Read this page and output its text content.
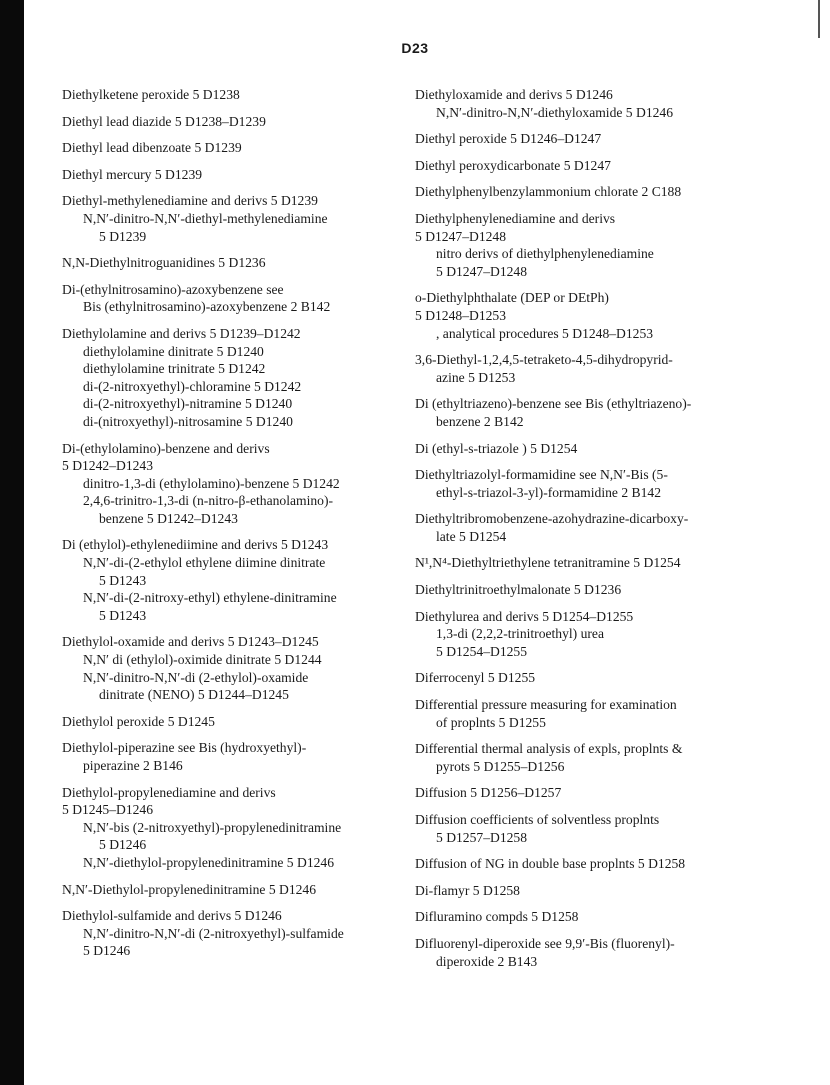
D23
Diethylketene peroxide 5 D1238
Diethyl lead diazide 5 D1238–D1239
Diethyl lead dibenzoate 5 D1239
Diethyl mercury 5 D1239
Diethyl-methylenediamine and derivs 5 D1239
N,N′-dinitro-N,N′-diethyl-methylenediamine
5 D1239
N,N-Diethylnitroguanidines 5 D1236
Di-(ethylnitrosamino)-azoxybenzene see
Bis (ethylnitrosamino)-azoxybenzene 2 B142
Diethylolamine and derivs 5 D1239–D1242
diethylolamine dinitrate 5 D1240
diethylolamine trinitrate 5 D1242
di-(2-nitroxyethyl)-chloramine 5 D1242
di-(2-nitroxyethyl)-nitramine 5 D1240
di-(nitroxyethyl)-nitrosamine 5 D1240
Di-(ethylolamino)-benzene and derivs
5 D1242–D1243
dinitro-1,3-di (ethylolamino)-benzene 5 D1242
2,4,6-trinitro-1,3-di (n-nitro-β-ethanolamino)-
benzene 5 D1242–D1243
Di (ethylol)-ethylenediimine and derivs 5 D1243
N,N′-di-(2-ethylol ethylene diimine dinitrate
5 D1243
N,N′-di-(2-nitroxy-ethyl) ethylene-dinitramine
5 D1243
Diethylol-oxamide and derivs 5 D1243–D1245
N,N′ di (ethylol)-oximide dinitrate 5 D1244
N,N′-dinitro-N,N′-di (2-ethylol)-oxamide
dinitrate (NENO) 5 D1244–D1245
Diethylol peroxide 5 D1245
Diethylol-piperazine see Bis (hydroxyethyl)-
piperazine 2 B146
Diethylol-propylenediamine and derivs
5 D1245–D1246
N,N′-bis (2-nitroxyethyl)-propylenedinitramine
5 D1246
N,N′-diethylol-propylenedinitramine 5 D1246
N,N′-Diethylol-propylenedinitramine 5 D1246
Diethylol-sulfamide and derivs 5 D1246
N,N′-dinitro-N,N′-di (2-nitroxyethyl)-sulfamide
5 D1246
Diethyloxamide and derivs 5 D1246
N,N′-dinitro-N,N′-diethyloxamide 5 D1246
Diethyl peroxide 5 D1246–D1247
Diethyl peroxydicarbonate 5 D1247
Diethylphenylbenzylammonium chlorate 2 C188
Diethylphenylenediamine and derivs
5 D1247–D1248
nitro derivs of diethylphenylenediamine
5 D1247–D1248
o-Diethylphthalate (DEP or DEtPh)
5 D1248–D1253
, analytical procedures 5 D1248–D1253
3,6-Diethyl-1,2,4,5-tetraketo-4,5-dihydropyrid-
azine 5 D1253
Di (ethyltriazeno)-benzene see Bis (ethyltriazeno)-
benzene 2 B142
Di (ethyl-s-triazole ) 5 D1254
Diethyltriazolyl-formamidine see N,N′-Bis (5-
ethyl-s-triazol-3-yl)-formamidine 2 B142
Diethyltribromobenzene-azohydrazine-dicarboxy-
late 5 D1254
N¹,N⁴-Diethyltriethylene tetranitramine 5 D1254
Diethyltrinitroethylmalonate 5 D1236
Diethylurea and derivs 5 D1254–D1255
1,3-di (2,2,2-trinitroethyl) urea
5 D1254–D1255
Diferrocenyl 5 D1255
Differential pressure measuring for examination
of proplnts 5 D1255
Differential thermal analysis of expls, proplnts &
pyrots 5 D1255–D1256
Diffusion 5 D1256–D1257
Diffusion coefficients of solventless proplnts
5 D1257–D1258
Diffusion of NG in double base proplnts 5 D1258
Di-flamyr 5 D1258
Difluramino compds 5 D1258
Difluorenyl-diperoxide see 9,9′-Bis (fluorenyl)-
diperoxide 2 B143
